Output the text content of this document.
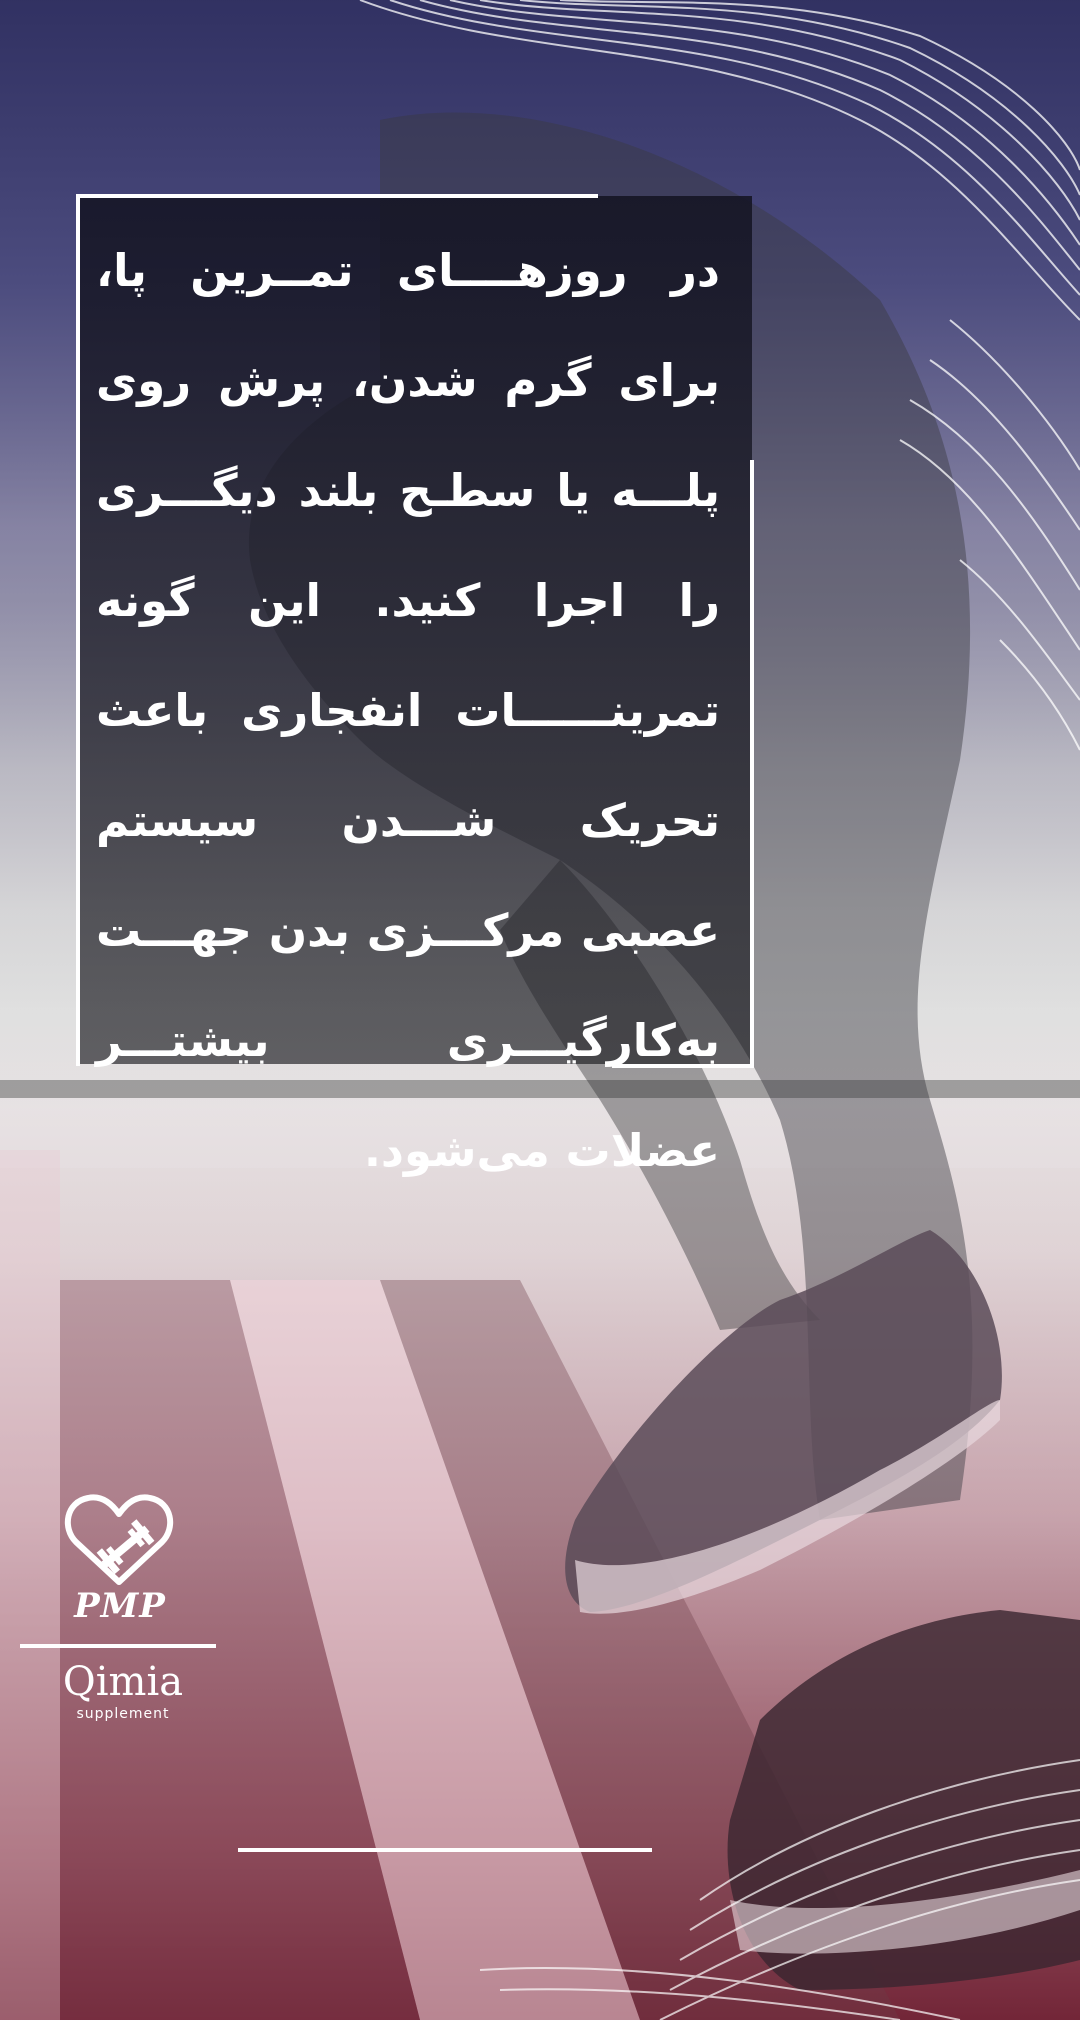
در روزهــــای تمــرین پا، برای گرم شدن، پرش روی پلـــه یا سطـح بلند دیگـــری را اجرا کنید. این گونه تمرینــــــات انفجاری باعث تحریک شـــدن سیستم عصبی مرکـــزی بدن جهـــت به‌کارگیـــری بیشتـــر عضلات می‌شود.

PMP
Qimia
supplement
